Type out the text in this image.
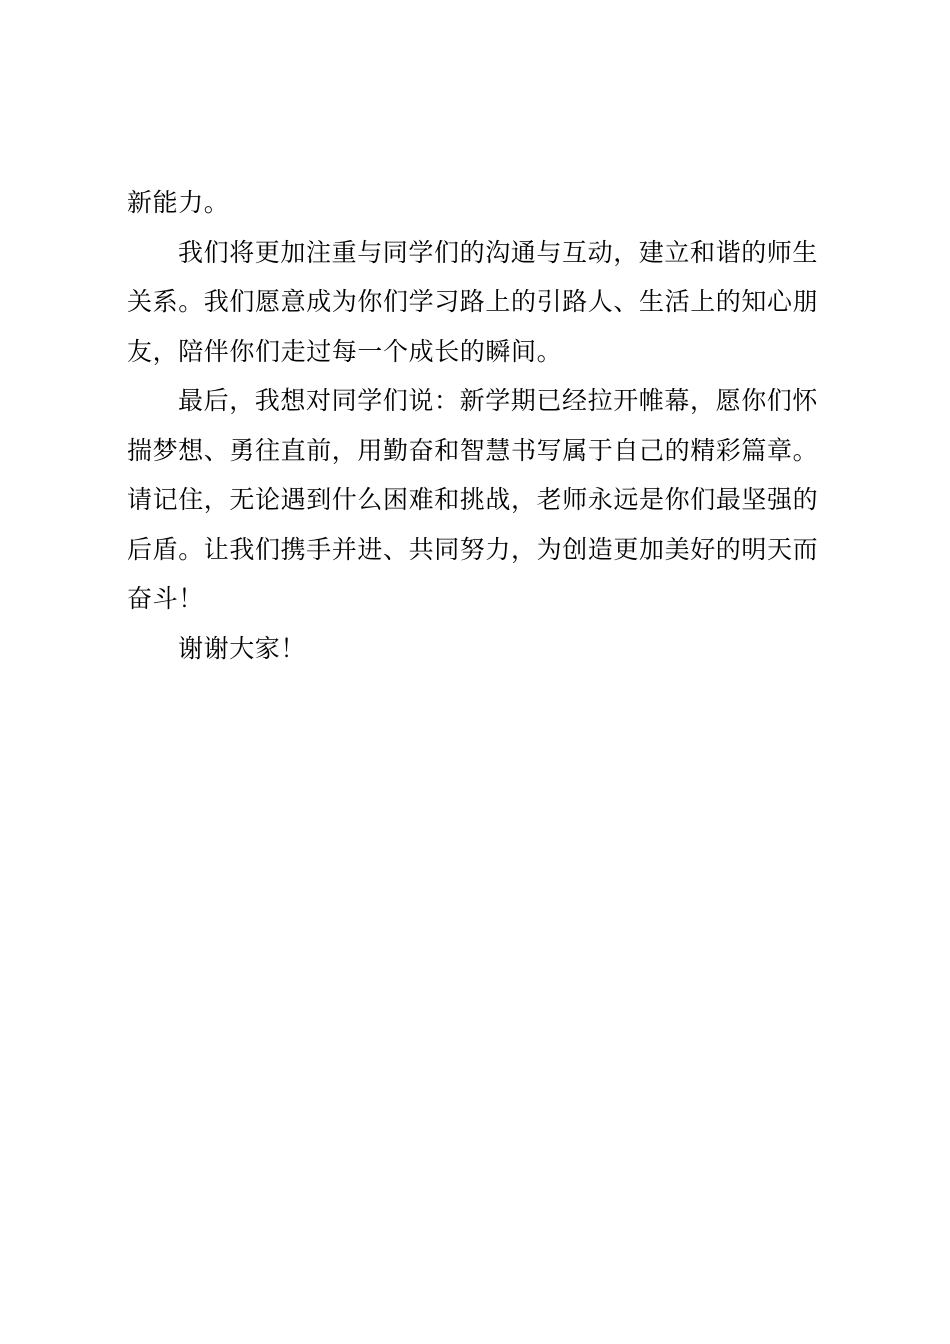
新能力。
我们将更加注重与同学们的沟通与互动，建立和谐的师生
关系。我们愿意成为你们学习路上的引路人、生活上的知心朋
友，陪伴你们走过每一个成长的瞬间。
最后，我想对同学们说：新学期已经拉开帷幕，愿你们怀
揣梦想、勇往直前，用勤奋和智慧书写属于自己的精彩篇章。
请记住，无论遇到什么困难和挑战，老师永远是你们最坚强的
后盾。让我们携手并进、共同努力，为创造更加美好的明天而
奋斗！
谢谢大家！
